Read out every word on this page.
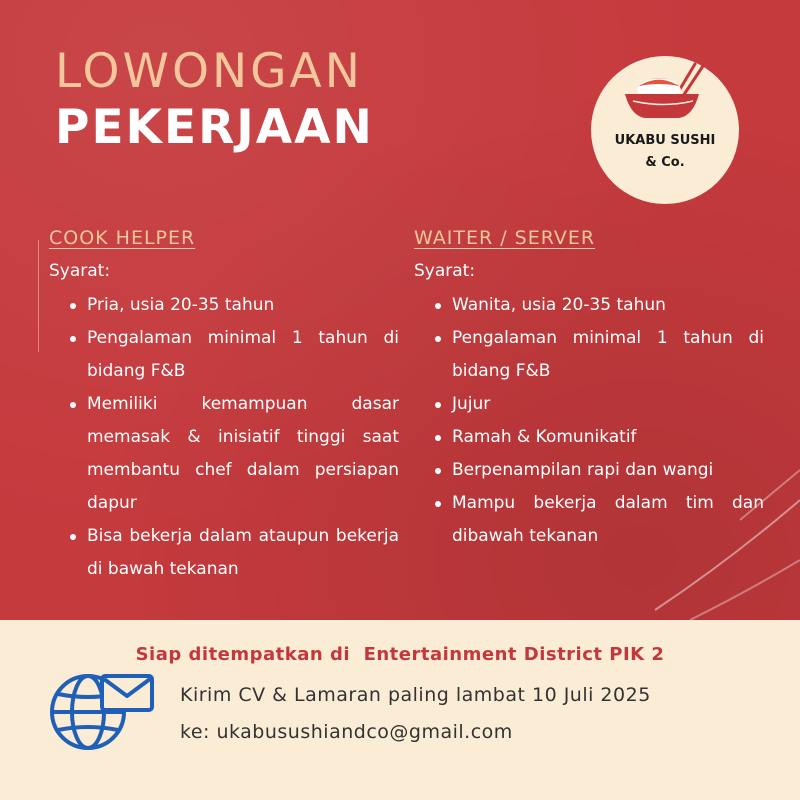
LOWONGAN
PEKERJAAN	UKABU SUSHI
& Co.
COOK HELPER
Syarat:
Pria, usia 20-35 tahun
Pengalaman minimal 1 tahun di bidang F&B
Memiliki kemampuan dasar memasak & inisiatif tinggi saat membantu chef dalam persiapan dapur
Bisa bekerja dalam ataupun bekerja di bawah tekanan
WAITER / SERVER
Syarat:
Wanita, usia 20-35 tahun
Pengalaman minimal 1 tahun di bidang F&B
Jujur
Ramah & Komunikatif
Berpenampilan rapi dan wangi
Mampu bekerja dalam tim dan dibawah tekanan
Siap ditempatkan di  Entertainment District PIK 2
Kirim CV & Lamaran paling lambat 10 Juli 2025
ke: ukabusushiandco@gmail.com
